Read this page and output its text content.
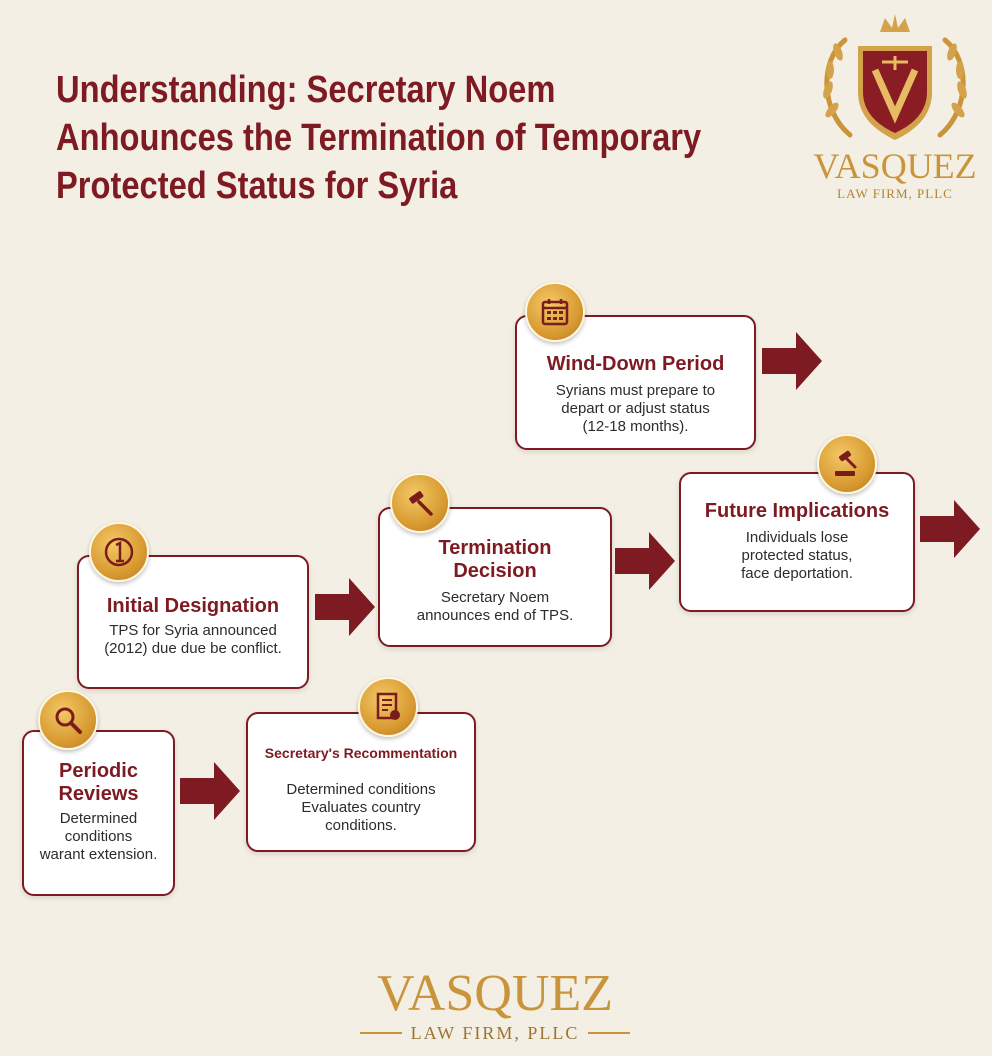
Understanding: Secretary Noem Anhounces the Termination of Temporary Protected Status for Syria	VASQUEZ
LAW FIRM, PLLC
Periodic
Reviews

Determined
conditions
warant extension.

Secretary's Recommentation

Determined conditions
Evaluates country
conditions.

Initial Designation

TPS for Syria announced
(2012) due due be conflict.

Termination
Decision

Secretary Noem
announces end of TPS.

Wind-Down Period

Syrians must prepare to
depart or adjust status
(12-18 months).

Future Implications

Individuals lose
protected status,
face deportation.

VASQUEZ
LAW FIRM, PLLC
